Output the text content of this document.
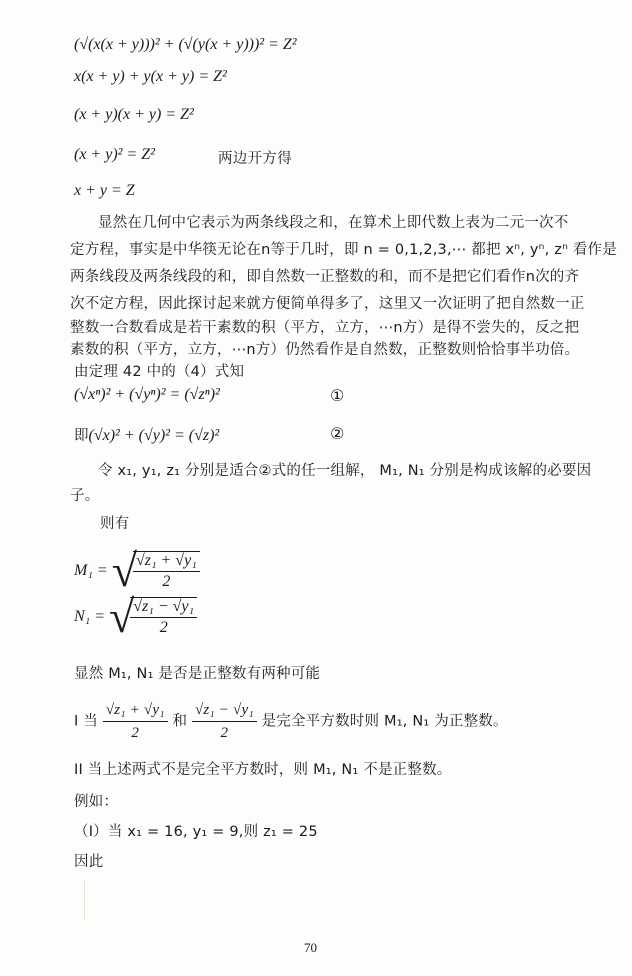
(√(x(x + y)))² + (√(y(x + y)))² = Z²
x(x + y) + y(x + y) = Z²
(x + y)(x + y) = Z²
(x + y)² = Z²	两边开方得
x + y = Z
显然在几何中它表示为两条线段之和，在算术上即代数上表为二元一次不
定方程，事实是中华筷无论在n等于几时，即 n = 0,1,2,3,⋯ 都把 xⁿ, yⁿ, zⁿ 看作是
两条线段及两条线段的和，即自然数一正整数的和，而不是把它们看作n次的齐
次不定方程，因此探讨起来就方便简单得多了，这里又一次证明了把自然数一正
整数一合数看成是若干素数的积（平方，立方，⋯n方）是得不尝失的，反之把
素数的积（平方，立方，⋯n方）仍然看作是自然数，正整数则恰恰事半功倍。
由定理 42 中的（4）式知
(√xⁿ)² + (√yⁿ)² = (√zⁿ)²	①
即(√x)² + (√y)² = (√z)²	②
令 x₁, y₁, z₁ 分别是适合②式的任一组解， M₁, N₁ 分别是构成该解的必要因
子。
则有
M₁ = √
$\frac{\text{√z₁ + √y₁}}{2}$
N₁ = √
$\frac{\text{√z₁ − √y₁}}{2}$
显然 M₁, N₁ 是否是正整数有两种可能
I 当 $\frac{\text{√z₁ + √y₁}}{2}$ 和 $\frac{\text{√z₁ − √y₁}}{2}$ 是完全平方数时则 M₁, N₁ 为正整数。
II 当上述两式不是完全平方数时，则 M₁, N₁ 不是正整数。
例如：
（I）当 x₁ = 16, y₁ = 9,则 z₁ = 25
因此
70
